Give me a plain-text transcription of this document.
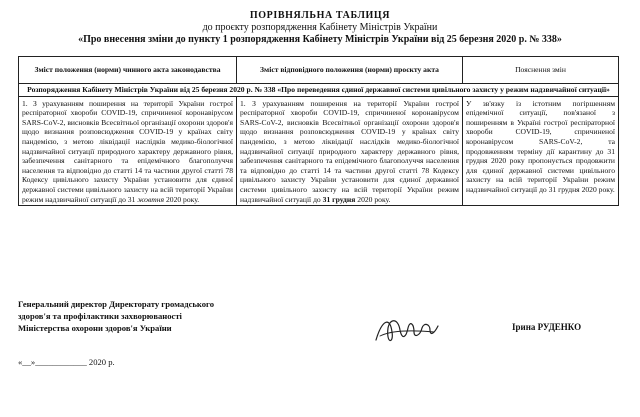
ПОРІВНЯЛЬНА ТАБЛИЦЯ

до проєкту розпорядження Кабінету Міністрів України

«Про внесення зміни до пункту 1 розпорядження Кабінету Міністрів України від 25 березня 2020 р. № 338»

Зміст положення (норми) чинного акта законодавства	Зміст відповідного положення (норми) проєкту акта	Пояснення змін
Розпорядження Кабінету Міністрів України від 25 березня 2020 р. № 338 «Про переведення єдиної державної системи цивільного захисту у режим надзвичайної ситуації»
1. З урахуванням поширення на території України гострої респіраторної хвороби COVID-19, спричиненої коронавірусом SARS-CoV-2, висновків Всесвітньої організації охорони здоров'я щодо визнання розповсюдження COVID-19 у країнах світу пандемією, з метою ліквідації наслідків медико-біологічної надзвичайної ситуації природного характеру державного рівня, забезпечення санітарного та епідемічного благополуччя населення та відповідно до статті 14 та частини другої статті 78 Кодексу цивільного захисту України установити для єдиної державної системи цивільного захисту на всій території України режим надзвичайної ситуації до 31 жовтня 2020 року.	1. З урахуванням поширення на території України гострої респіраторної хвороби COVID-19, спричиненої коронавірусом SARS-CoV-2, висновків Всесвітньої організації охорони здоров'я щодо визнання розповсюдження COVID-19 у країнах світу пандемією, з метою ліквідації наслідків медико-біологічної надзвичайної ситуації природного характеру державного рівня, забезпечення санітарного та епідемічного благополуччя населення та відповідно до статті 14 та частини другої статті 78 Кодексу цивільного захисту України установити для єдиної державної системи цивільного захисту на всій території України режим надзвичайної ситуації до 31 грудня 2020 року.	У зв'язку із істотним погіршенням епідемічної ситуації, пов'язаної з поширенням в Україні гострої респіраторної хвороби COVID-19, спричиненої коронавірусом SARS-CoV-2, та продовженням терміну дії карантину до 31 грудня 2020 року пропонується продовжити для єдиної державної системи цивільного захисту на всій території України режим надзвичайної ситуації до 31 грудня 2020 року.
Генеральний директор Директорату громадського
здоров'я та профілактики захворюваності
Міністерства охорони здоров'я України	Ірина РУДЕНКО
«__»____________ 2020 р.
